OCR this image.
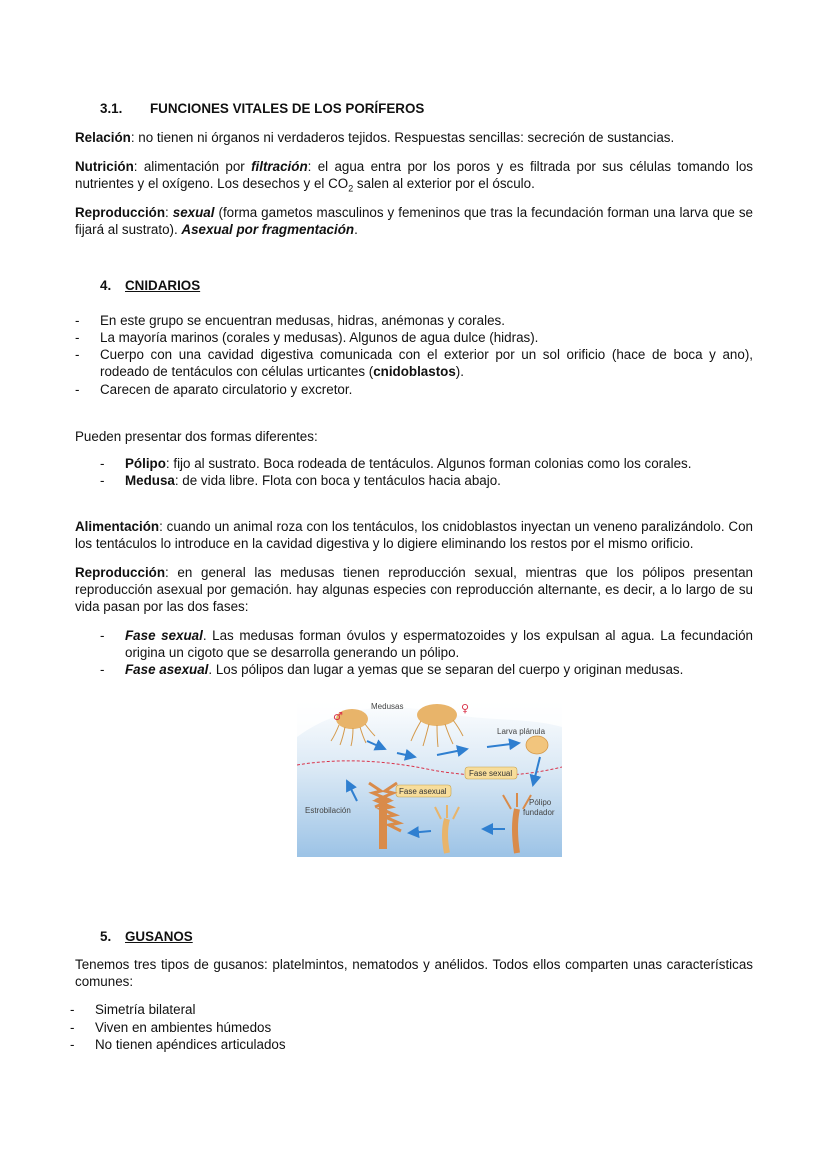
3.1. FUNCIONES VITALES DE LOS PORÍFEROS
Relación: no tienen ni órganos ni verdaderos tejidos. Respuestas sencillas: secreción de sustancias.
Nutrición: alimentación por filtración: el agua entra por los poros y es filtrada por sus células tomando los nutrientes y el oxígeno. Los desechos y el $CO_2$ salen al exterior por el ósculo.
Reproducción: sexual (forma gametos masculinos y femeninos que tras la fecundación forman una larva que se fijará al sustrato). Asexual por fragmentación.
4. CNIDARIOS
- En este grupo se encuentran medusas, hidras, anémonas y corales.
- La mayoría marinos (corales y medusas). Algunos de agua dulce (hidras).
- Cuerpo con una cavidad digestiva comunicada con el exterior por un sol orificio (hace de boca y ano), rodeado de tentáculos con células urticantes (cnidoblastos).
- Carecen de aparato circulatorio y excretor.
Pueden presentar dos formas diferentes:
- Pólipo: fijo al sustrato. Boca rodeada de tentáculos. Algunos forman colonias como los corales.
- Medusa: de vida libre. Flota con boca y tentáculos hacia abajo.
Alimentación: cuando un animal roza con los tentáculos, los cnidoblastos inyectan un veneno paralizándolo. Con los tentáculos lo introduce en la cavidad digestiva y lo digiere eliminando los restos por el mismo orificio.
Reproducción: en general las medusas tienen reproducción sexual, mientras que los pólipos presentan reproducción asexual por gemación. hay algunas especies con reproducción alternante, es decir, a lo largo de su vida pasan por las dos fases:
- Fase sexual. Las medusas forman óvulos y espermatozoides y los expulsan al agua. La fecundación origina un cigoto que se desarrolla generando un pólipo.
- Fase asexual. Los pólipos dan lugar a yemas que se separan del cuerpo y originan medusas.
♂
♀
Medusas
Larva plánula
Fase sexual
Fase asexual
Estrobilación
Pólipo
fundador
5. GUSANOS
Tenemos tres tipos de gusanos: platelmintos, nematodos y anélidos. Todos ellos comparten unas características comunes:
- Simetría bilateral
- Viven en ambientes húmedos
- No tienen apéndices articulados
